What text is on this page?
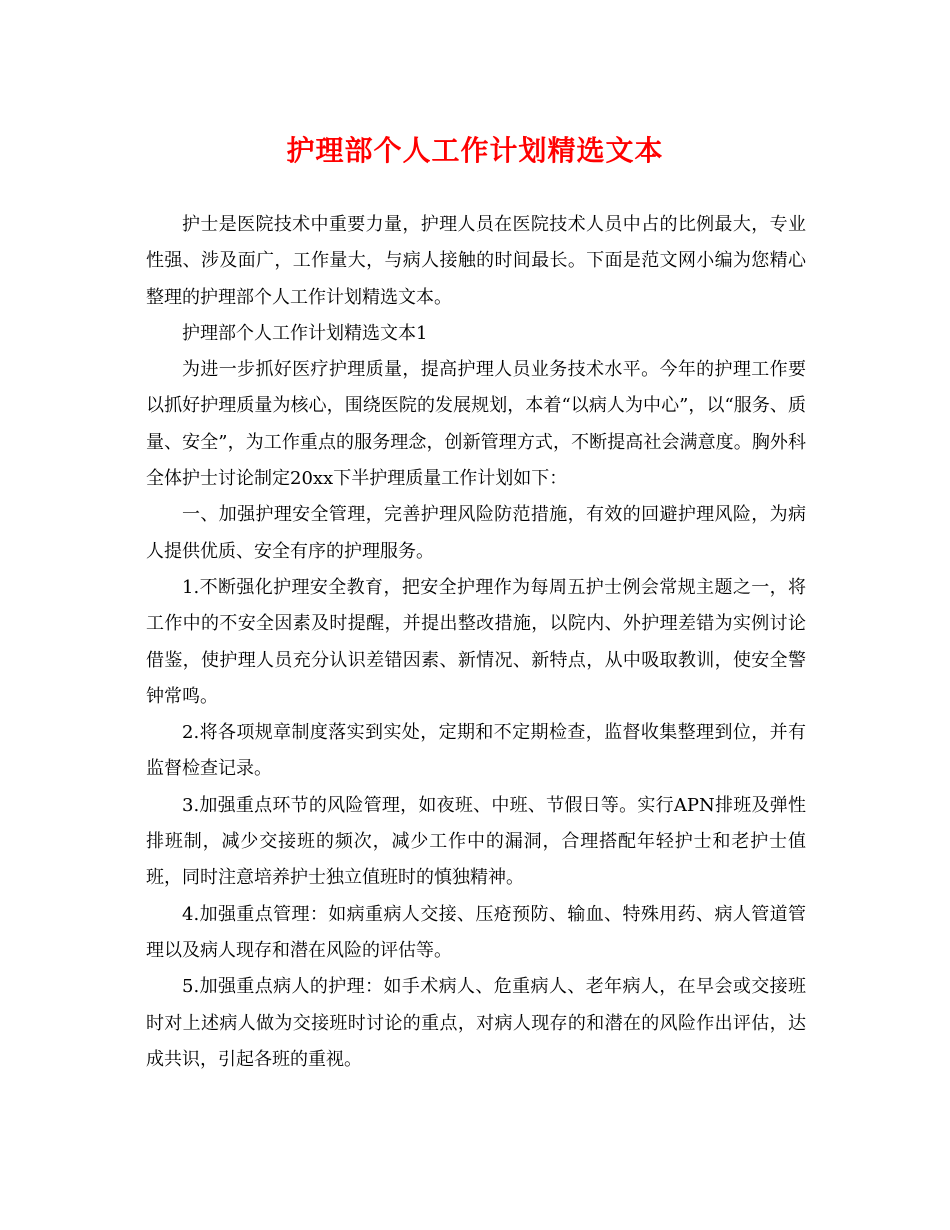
护理部个人工作计划精选文本

护士是医院技术中重要力量，护理人员在医院技术人员中占的比例最大，专业性强、涉及面广，工作量大，与病人接触的时间最长。下面是范文网小编为您精心整理的护理部个人工作计划精选文本。

护理部个人工作计划精选文本1

为进一步抓好医疗护理质量，提高护理人员业务技术水平。今年的护理工作要以抓好护理质量为核心，围绕医院的发展规划，本着“以病人为中心”，以“服务、质量、安全”，为工作重点的服务理念，创新管理方式，不断提高社会满意度。胸外科全体护士讨论制定20xx下半护理质量工作计划如下：

一、加强护理安全管理，完善护理风险防范措施，有效的回避护理风险，为病人提供优质、安全有序的护理服务。

1.不断强化护理安全教育，把安全护理作为每周五护士例会常规主题之一，将工作中的不安全因素及时提醒，并提出整改措施，以院内、外护理差错为实例讨论借鉴，使护理人员充分认识差错因素、新情况、新特点，从中吸取教训，使安全警钟常鸣。

2.将各项规章制度落实到实处，定期和不定期检查，监督收集整理到位，并有监督检查记录。

3.加强重点环节的风险管理，如夜班、中班、节假日等。实行APN排班及弹性排班制，减少交接班的频次，减少工作中的漏洞，合理搭配年轻护士和老护士值班，同时注意培养护士独立值班时的慎独精神。

4.加强重点管理：如病重病人交接、压疮预防、输血、特殊用药、病人管道管理以及病人现存和潜在风险的评估等。

5.加强重点病人的护理：如手术病人、危重病人、老年病人，在早会或交接班时对上述病人做为交接班时讨论的重点，对病人现存的和潜在的风险作出评估，达成共识，引起各班的重视。
